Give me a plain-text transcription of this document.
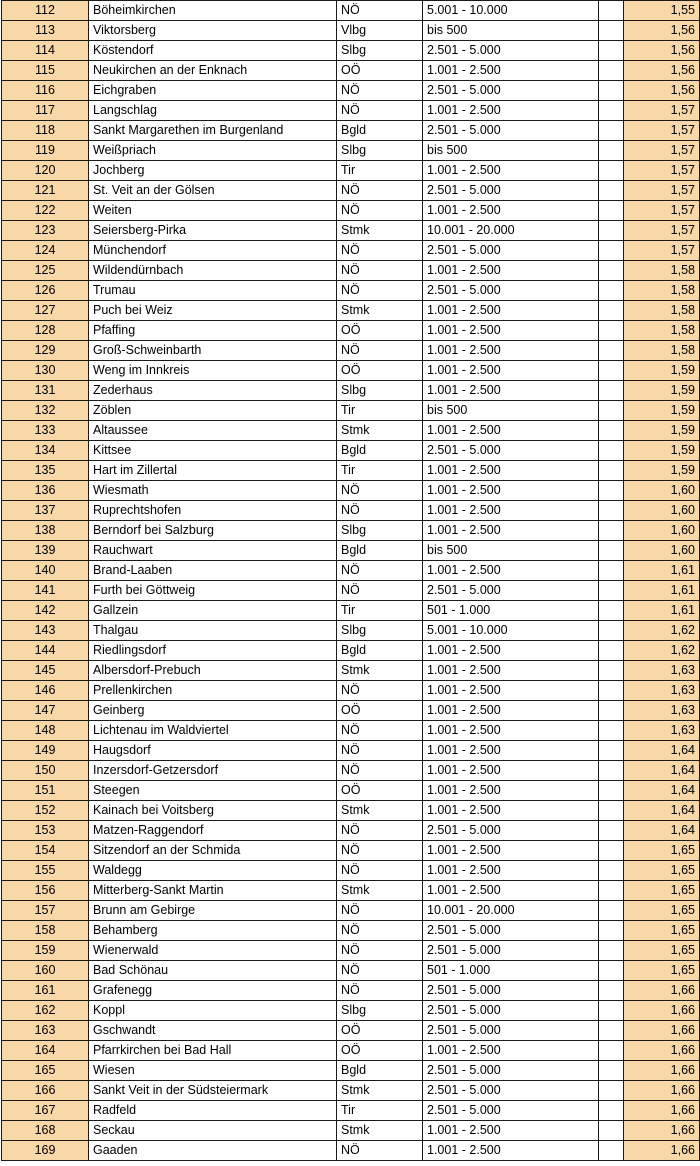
112	Böheimkirchen	NÖ	5.001 - 10.000		1,55
113	Viktorsberg	Vlbg	bis 500		1,56
114	Köstendorf	Slbg	2.501 - 5.000		1,56
115	Neukirchen an der Enknach	OÖ	1.001 - 2.500		1,56
116	Eichgraben	NÖ	2.501 - 5.000		1,56
117	Langschlag	NÖ	1.001 - 2.500		1,57
118	Sankt Margarethen im Burgenland	Bgld	2.501 - 5.000		1,57
119	Weißpriach	Slbg	bis 500		1,57
120	Jochberg	Tir	1.001 - 2.500		1,57
121	St. Veit an der Gölsen	NÖ	2.501 - 5.000		1,57
122	Weiten	NÖ	1.001 - 2.500		1,57
123	Seiersberg-Pirka	Stmk	10.001 - 20.000		1,57
124	Münchendorf	NÖ	2.501 - 5.000		1,57
125	Wildendürnbach	NÖ	1.001 - 2.500		1,58
126	Trumau	NÖ	2.501 - 5.000		1,58
127	Puch bei Weiz	Stmk	1.001 - 2.500		1,58
128	Pfaffing	OÖ	1.001 - 2.500		1,58
129	Groß-Schweinbarth	NÖ	1.001 - 2.500		1,58
130	Weng im Innkreis	OÖ	1.001 - 2.500		1,59
131	Zederhaus	Slbg	1.001 - 2.500		1,59
132	Zöblen	Tir	bis 500		1,59
133	Altaussee	Stmk	1.001 - 2.500		1,59
134	Kittsee	Bgld	2.501 - 5.000		1,59
135	Hart im Zillertal	Tir	1.001 - 2.500		1,59
136	Wiesmath	NÖ	1.001 - 2.500		1,60
137	Ruprechtshofen	NÖ	1.001 - 2.500		1,60
138	Berndorf bei Salzburg	Slbg	1.001 - 2.500		1,60
139	Rauchwart	Bgld	bis 500		1,60
140	Brand-Laaben	NÖ	1.001 - 2.500		1,61
141	Furth bei Göttweig	NÖ	2.501 - 5.000		1,61
142	Gallzein	Tir	501 - 1.000		1,61
143	Thalgau	Slbg	5.001 - 10.000		1,62
144	Riedlingsdorf	Bgld	1.001 - 2.500		1,62
145	Albersdorf-Prebuch	Stmk	1.001 - 2.500		1,63
146	Prellenkirchen	NÖ	1.001 - 2.500		1,63
147	Geinberg	OÖ	1.001 - 2.500		1,63
148	Lichtenau im Waldviertel	NÖ	1.001 - 2.500		1,63
149	Haugsdorf	NÖ	1.001 - 2.500		1,64
150	Inzersdorf-Getzersdorf	NÖ	1.001 - 2.500		1,64
151	Steegen	OÖ	1.001 - 2.500		1,64
152	Kainach bei Voitsberg	Stmk	1.001 - 2.500		1,64
153	Matzen-Raggendorf	NÖ	2.501 - 5.000		1,64
154	Sitzendorf an der Schmida	NÖ	1.001 - 2.500		1,65
155	Waldegg	NÖ	1.001 - 2.500		1,65
156	Mitterberg-Sankt Martin	Stmk	1.001 - 2.500		1,65
157	Brunn am Gebirge	NÖ	10.001 - 20.000		1,65
158	Behamberg	NÖ	2.501 - 5.000		1,65
159	Wienerwald	NÖ	2.501 - 5.000		1,65
160	Bad Schönau	NÖ	501 - 1.000		1,65
161	Grafenegg	NÖ	2.501 - 5.000		1,66
162	Koppl	Slbg	2.501 - 5.000		1,66
163	Gschwandt	OÖ	2.501 - 5.000		1,66
164	Pfarrkirchen bei Bad Hall	OÖ	1.001 - 2.500		1,66
165	Wiesen	Bgld	2.501 - 5.000		1,66
166	Sankt Veit in der Südsteiermark	Stmk	2.501 - 5.000		1,66
167	Radfeld	Tir	2.501 - 5.000		1,66
168	Seckau	Stmk	1.001 - 2.500		1,66
169	Gaaden	NÖ	1.001 - 2.500		1,66
